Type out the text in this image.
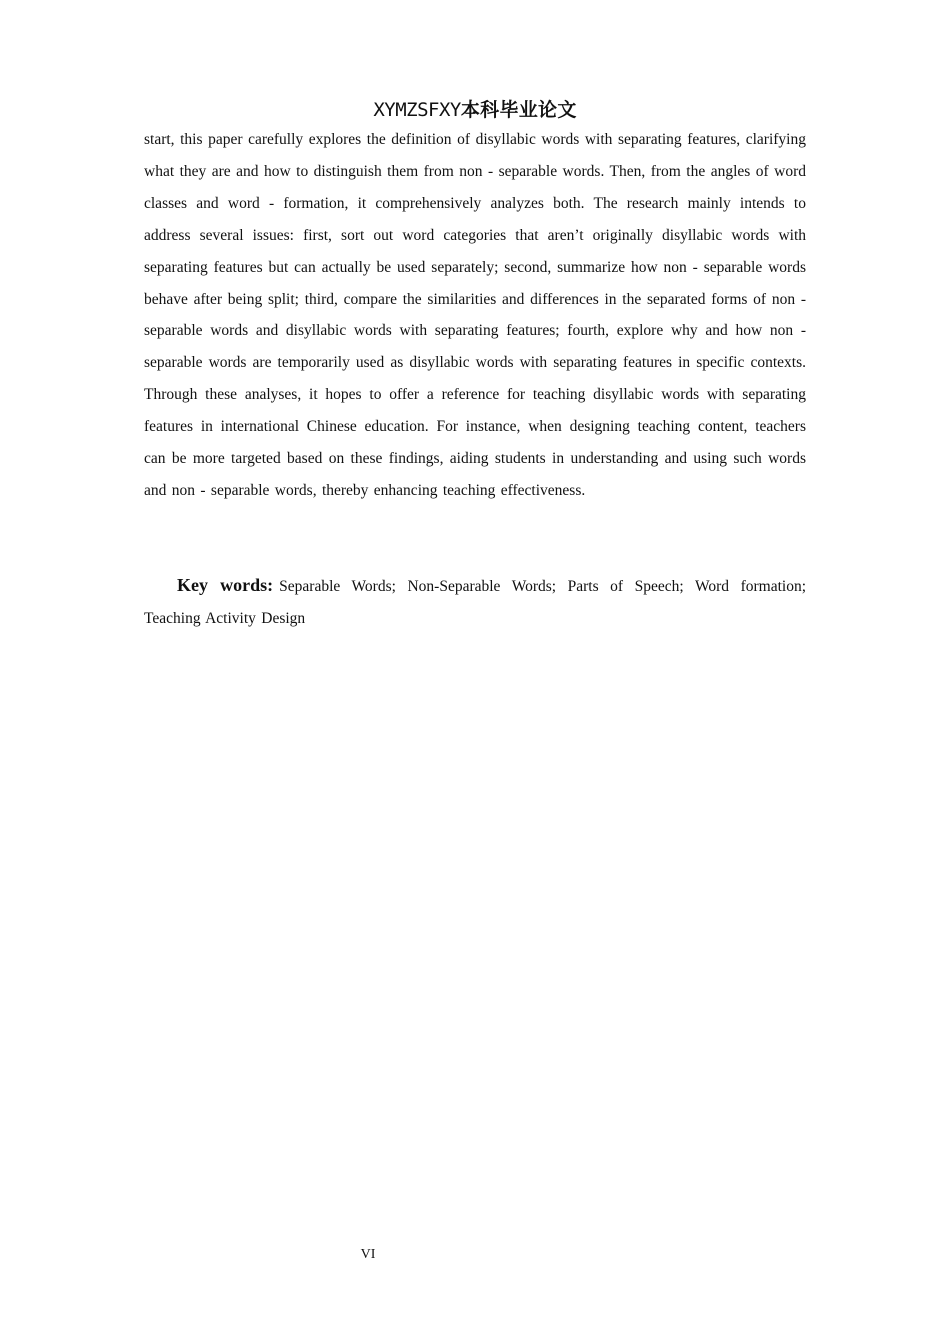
XYMZSFXY本科毕业论文

start, this paper carefully explores the definition of disyllabic words with separating features, clarifying what they are and how to distinguish them from non - separable words. Then, from the angles of word classes and word - formation, it comprehensively analyzes both. The research mainly intends to address several issues: first, sort out word categories that aren’t originally disyllabic words with separating features but can actually be used separately; second, summarize how non - separable words behave after being split; third, compare the similarities and differences in the separated forms of non - separable words and disyllabic words with separating features; fourth, explore why and how non - separable words are temporarily used as disyllabic words with separating features in specific contexts. Through these analyses, it hopes to offer a reference for teaching disyllabic words with separating features in international Chinese education. For instance, when designing teaching content, teachers can be more targeted based on these findings, aiding students in understanding and using such words and non - separable words, thereby enhancing teaching effectiveness.

Key words: Separable Words; Non-Separable Words; Parts of Speech; Word formation; Teaching Activity Design
VI
